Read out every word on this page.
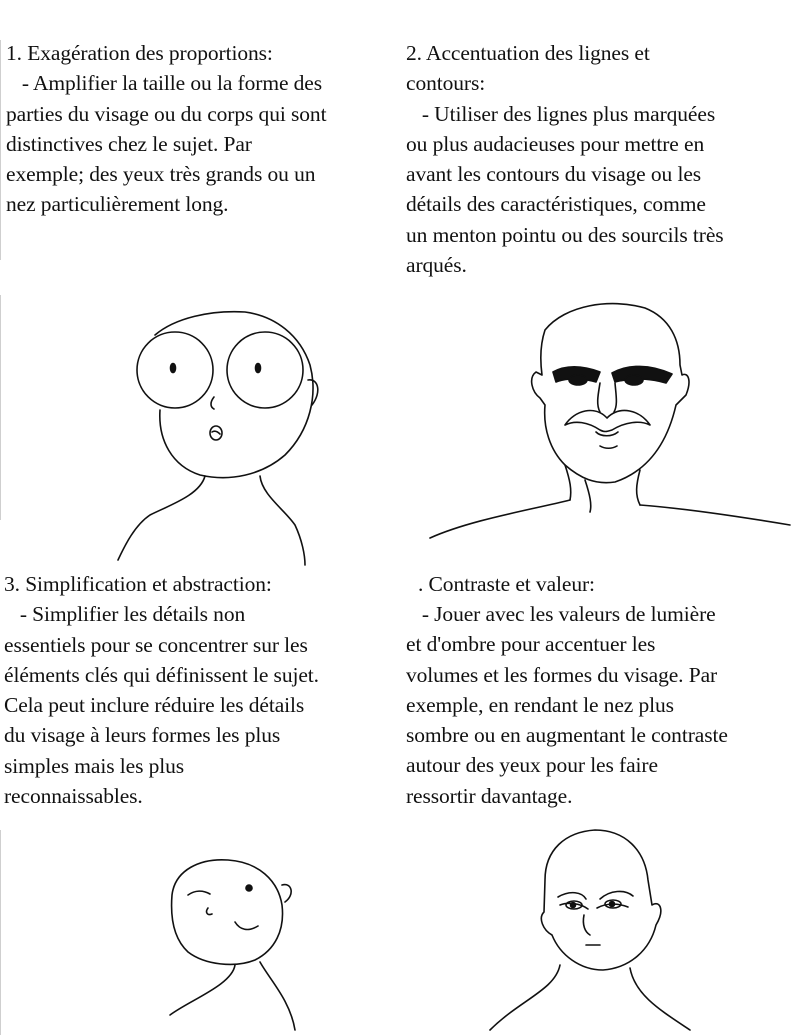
1. Exagération des proportions:
- Amplifier la taille ou la forme des
parties du visage ou du corps qui sont
distinctives chez le sujet. Par
exemple; des yeux très grands ou un
nez particulièrement long.
2. Accentuation des lignes et
contours:
- Utiliser des lignes plus marquées
ou plus audacieuses pour mettre en
avant les contours du visage ou les
détails des caractéristiques, comme
un menton pointu ou des sourcils très
arqués.
3. Simplification et abstraction:
- Simplifier les détails non
essentiels pour se concentrer sur les
éléments clés qui définissent le sujet.
Cela peut inclure réduire les détails
du visage à leurs formes les plus
simples mais les plus
reconnaissables.
. Contraste et valeur:
- Jouer avec les valeurs de lumière
et d'ombre pour accentuer les
volumes et les formes du visage. Par
exemple, en rendant le nez plus
sombre ou en augmentant le contraste
autour des yeux pour les faire
ressortir davantage.
